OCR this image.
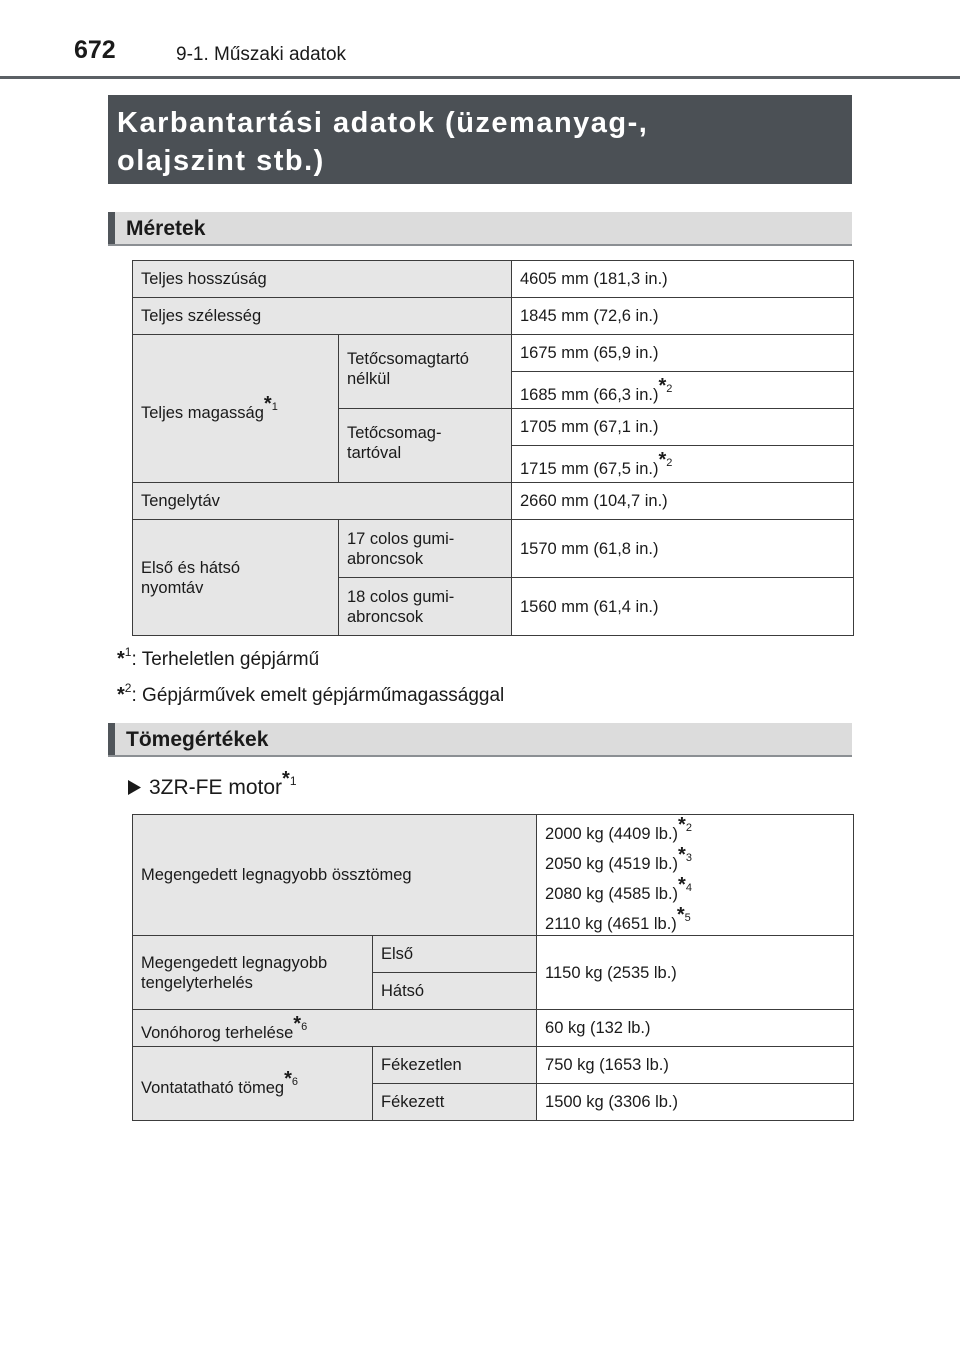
672	9-1. Műszaki adatok
Karbantartási adatok (üzemanyag-,
olajszint stb.)
Méretek
Teljes hosszúság		4605 mm (181,3 in.)
Teljes szélesség		1845 mm (72,6 in.)
Teljes magasság$^{*1}$	Tetőcsomagtartó
nélkül	1675 mm (65,9 in.)
		1685 mm (66,3 in.)$^{*2}$

	Tetőcsomag-
tartóval	1705 mm (67,1 in.)
		1715 mm (67,5 in.)$^{*2}$
Tengelytáv		2660 mm (104,7 in.)

Első és hátsó
nyomtáv	17 colos gumi-
abroncsok	1570 mm (61,8 in.)

	18 colos gumi-
abroncsok	1560 mm (61,4 in.)
*$^1$: Terheletlen gépjármű
*$^2$: Gépjárművek emelt gépjárműmagassággal
Tömegértékek
3ZR-FE motor$^{*1}$
Megengedett legnagyobb össztömeg		2000 kg (4409 lb.)$^{*2}$
2050 kg (4519 lb.)$^{*3}$
2080 kg (4585 lb.)$^{*4}$
2110 kg (4651 lb.)$^{*5}$

Megengedett legnagyobb
tengelyterhelés	Első	1150 kg (2535 lb.)
	Hátsó	
Vonóhorog terhelése$^{*6}$		60 kg (132 lb.)
Vontatatható tömeg$^{*6}$	Fékezetlen	750 kg (1653 lb.)
	Fékezett	1500 kg (3306 lb.)
